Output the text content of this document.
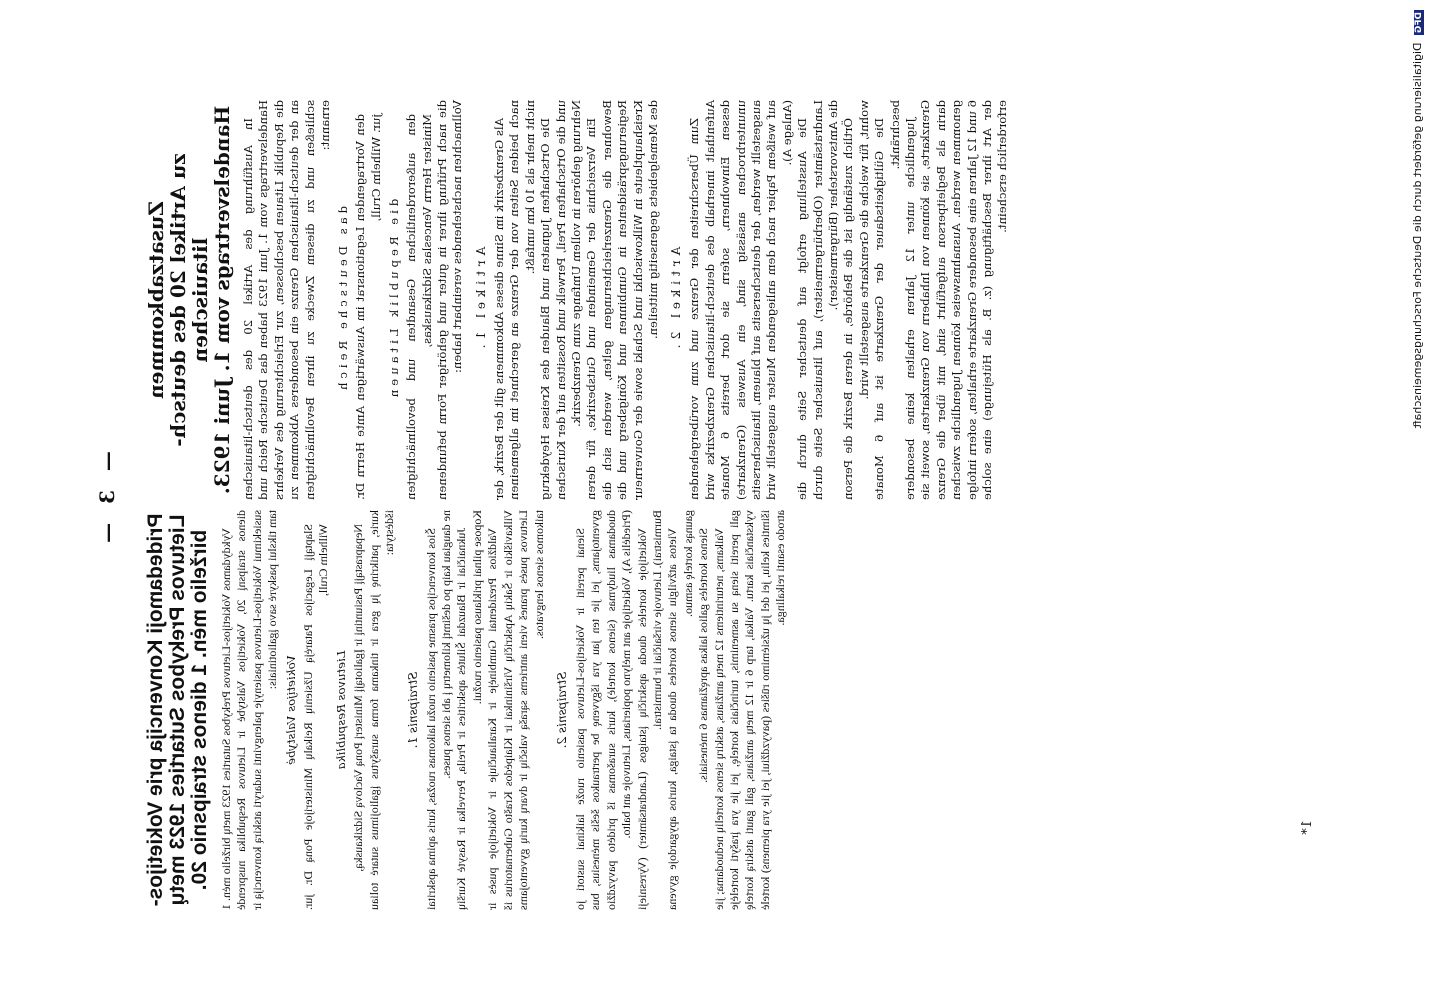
— 3 —
Zusatzabkommen
zu Artikel 20 des deutsch-litauischen
Handelsvertrags vom 1. Juni 1923. In Ausführung des Artikel 20 des deutsch-litauischen Handelsvertrags vom 1. Juni 1923 haben das Deutsche Reich und die Republik Litauen beschlossen, zur Erleichterung des Verkehrs an der deutsch-litauischen Grenze ein besonderes Abkommen zu schließen und zu diesem Zwecke zu ihren Bevollmächtigten ernannt:

das Deutsche Reich den Vortragenden Legationsrat im Auswärtigen Amte Herrn Dr. jur. Wilhelm Crull,
die Republik Litauen den außerordentlichen Gesandten und bevollmächtigten Minister Herrn Venceslas Sidzikauskas, die nach Prüfung ihrer in guter und gehöriger Form befundenen Vollmachten nachstehendes vereinbart haben: Artikel 1. Als Grenzbezirk im Sinne dieses Abkommens gilt der Bezirk, der nach beiden Seiten von der Grenze an gerechnet im allgemeinen nicht mehr als 10 km umfaßt. Die Ortschaften Jugnaten und Blauden des Kreises Heydekrug und die Ortschaften Preil, Perwelk und Rossitten auf der Kurischen Nehrung gehören in vollem Umfange zum Grenzbezirk. Ein Verzeichnis der Gemeinden und Gutsbezirke, für deren Bewohner die Grenzerleichterungen gelten, werden sich die Regierungspräsidenten in Gumbinnen und Königsberg und die Kreishauptleute in Wilkowischki und Schaki sowie der Gouverneur des Memelgebiets gegenseitig mitteilen. Artikel 2. Zum Überschreiten der Grenze und zum vorübergehenden Aufenthalt innerhalb des deutsch-litauischen Grenzbezirks wird dessen Einwohnern, sofern sie dort bereits 6 Monate ununterbrochen ansässig sind, ein Ausweis (Grenzkarte) ausgestellt werden, der deutscherseits auf blauem, litauischerseits auf weißem Papier nach dem anliegenden Muster ausgestellt wird (Anlage A). Die Ausstellung erfolgt auf deutscher Seite durch die Landratsämter (Oberbürgermeister), auf litauischer Seite durch die Amtsvorsteher (Bürgermeister). Örtlich zuständig ist die Behörde, in deren Bezirk die Person wohnt, für welche die Grenzkarte ausgestellt wird. Die Gültigkeitsdauer der Grenzkarte ist auf 6 Monate beschränkt. Jugendliche unter 12 Jahren erhalten keine besondere Grenzkarte, sie können von Inhabern von Grenzkarten, soweit sie darin als Begleitperson aufgeführt sind, mit über die Grenze genommen werden. Ausnahmsweise können Jugendliche zwischen 6 und 12 Jahren eine besondere Grenzkarte erhalten, sofern infolge der Art ihrer Beschäftigung (z. B. als Hütejunge) eine solche erforderlich erscheint.

Pridedamoji Konvencija prie Vokietijos- Lietuvos Prekybos Sutarties 1923 metų birželio mėn. 1 dienos straipsnio 20. Vykdydamos Vokietijos-Lietuvos Prekybos Sutarties 1923 metų birželio mėn. 1 dienos straipsnį 20, Vokietijos Valstybė ir Lietuvos Respublika nusprendė susiekimui Vokietijos-Lietuvos pasienyje palengvinti sudaryti atskirą konvenciją ir tam tikslui paskyrė savo įgaliotiniais:

Vokietijos Valstybė Slaptąjį Legacijos Patarėją Užsienių Reikalų Ministerijoje Poną Dr. jur. Wilhelm Crull,
Lietuvos Respublika Nepaprastąjį Pasiuntinį ir Įgaliotąjį Ministerį Poną Vaclovą Sidzikauską, kurie, patikrinę jų gera ir tinkama forma surašytus įgaliojimus sutarė toliau išdėstyta:

Straipsnis 1. Šios konvencijos prasme pasienio ruožu laikomas ruožas, kuris apima apskritai ne daugiau kaip po dešimtį kilometrų į abi sienos puses. Juknaičiai ir Blauzdai Šilutės apskrities ir Preila, Pervelka ir Rasytė Kuršių Kopose pilnai priklauso pasienio ruožui. Valdžios Prezidentai Gumbinėje ir Karaliaučiuje ir Vokietijoje pusės ir Vilkaviškio ir Šakių Apskričių Viršininkai ir Klaipėdos Krašto Gubernatorius iš Lietuvos pusės praneš vieni antriems sąrašą valsčių ir dvarų kurių gyventojams taikomos sienos lengvatos.

Straipsnis 2. Sienai pereiti ir Vokietijos-Lietuvos pasienio ruože laikinai sustoti jo gyventojams, jei jie ten jau yra išgyvenę be pertraukos šešis mėnesius, bus duodamas liudymas (sienos kortelė), kuris surašomas iš pridėto pavyzdžio (Priedėlis A), Vokietijoje ant mėlyno popieriaus, Lietuvoje ant balto. Vokietijoje kortelės duoda apskričių įstaigos (Landratsämter) (Vyresnieji Burmistrai). Lietuvoje viršaičiai ir burmistrai. Vietos atžvilgiu sienos korteles duoda ta įstaiga, kurios apygardoje gyvena gaunąs kortelę asmuo. Sienos kortelės galios laikas apręžiamas 6 mėnesiais. Vaikams, neturintiems 12 metų amžiaus, atskirų sienos kortelių neduodama; jie gali pereiti sieną su asmenimis, turinčiais kortelę, jei jie yra įrašyti kortelėje vykstančiais kartu. Vaikai, tarp 6 ir 12 metų amžiaus, gali gauti atskirą kortelę išimties keliu, jei del jų užsiėmimo rūšies (pavyzdžiui, jei jie yra piemens) kortelė atrodo esanti reikalinga.

1*
DFG Digitalisierung gefördert durch die Deutsche Forschungsgemeinschaft
